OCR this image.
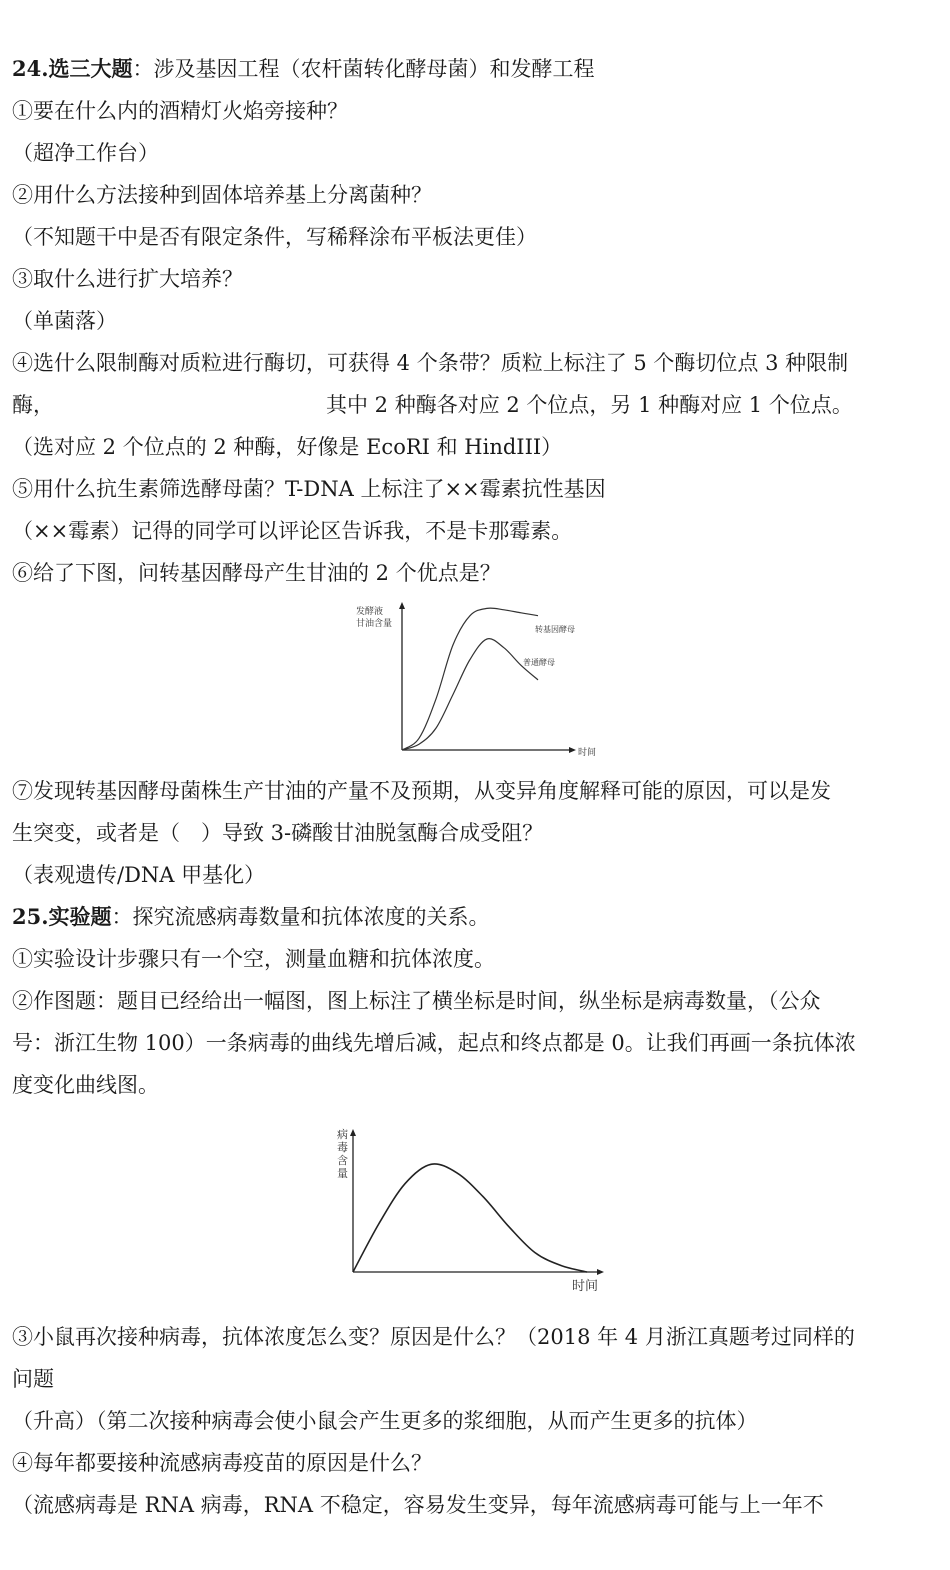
24.选三大题：涉及基因工程（农杆菌转化酵母菌）和发酵工程
①要在什么内的酒精灯火焰旁接种？
（超净工作台）
②用什么方法接种到固体培养基上分离菌种？
（不知题干中是否有限定条件，写稀释涂布平板法更佳）
③取什么进行扩大培养？
（单菌落）
④选什么限制酶对质粒进行酶切，可获得 4 个条带？质粒上标注了 5 个酶切位点 3 种限制
酶，	其中 2 种酶各对应 2 个位点，另 1 种酶对应 1 个位点。
（选对应 2 个位点的 2 种酶，好像是 EcoRI 和 HindIII）
⑤用什么抗生素筛选酵母菌？T-DNA 上标注了××霉素抗性基因
（××霉素）记得的同学可以评论区告诉我，不是卡那霉素。
⑥给了下图，问转基因酵母产生甘油的 2 个优点是？
发酵液
甘油含量
时间
转基因酵母
普通酵母
⑦发现转基因酵母菌株生产甘油的产量不及预期，从变异角度解释可能的原因，可以是发
生突变，或者是（　）导致 3-磷酸甘油脱氢酶合成受阻？
（表观遗传/DNA 甲基化）
25.实验题：探究流感病毒数量和抗体浓度的关系。
①实验设计步骤只有一个空，测量血糖和抗体浓度。
②作图题：题目已经给出一幅图，图上标注了横坐标是时间，纵坐标是病毒数量，（公众
号：浙江生物 100）一条病毒的曲线先增后减，起点和终点都是 0。让我们再画一条抗体浓
度变化曲线图。
病
毒
含
量
时间
③小鼠再次接种病毒，抗体浓度怎么变？原因是什么？（2018 年 4 月浙江真题考过同样的
问题
（升高）（第二次接种病毒会使小鼠会产生更多的浆细胞，从而产生更多的抗体）
④每年都要接种流感病毒疫苗的原因是什么？
（流感病毒是 RNA 病毒，RNA 不稳定，容易发生变异，每年流感病毒可能与上一年不
